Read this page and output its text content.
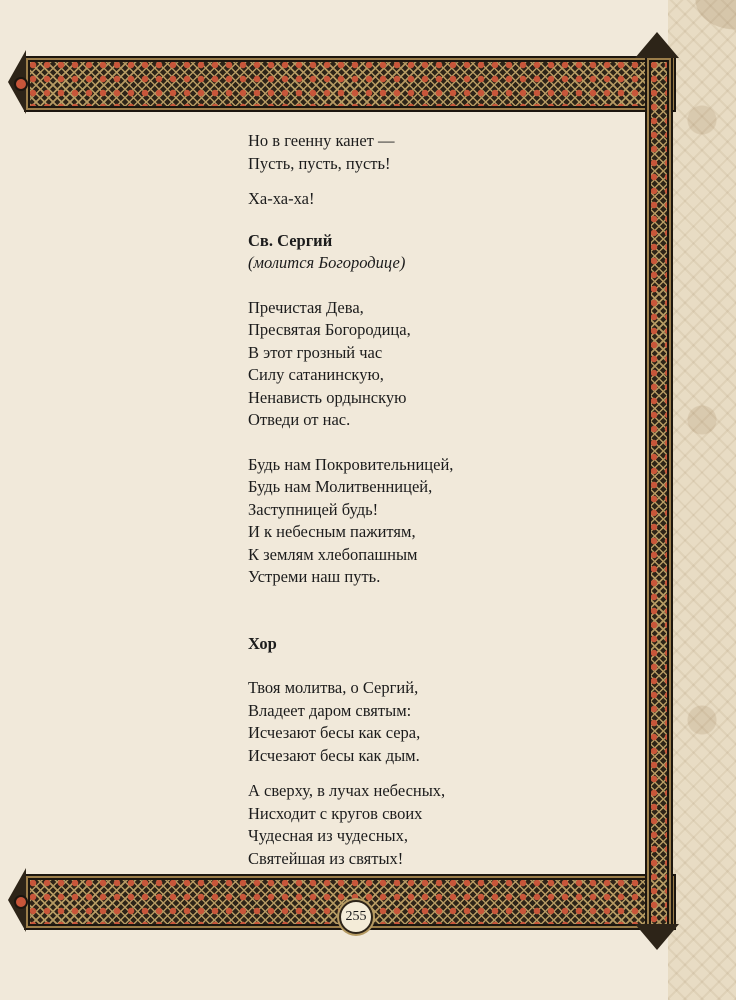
255

Но в геенну канет —

Пусть, пусть, пусть!

Ха-ха-ха!

Св. Сергий

(молится Богородице)

Пречистая Дева,

Пресвятая Богородица,

В этот грозный час

Силу сатанинскую,

Ненависть ордынскую

Отведи от нас.

Будь нам Покровительницей,

Будь нам Молитвенницей,

Заступницей будь!

И к небесным пажитям,

К землям хлебопашным

Устреми наш путь.

Хор

Твоя молитва, о Сергий,

Владеет даром святым:

Исчезают бесы как сера,

Исчезают бесы как дым.

А сверху, в лучах небесных,

Нисходит с кругов своих

Чудесная из чудесных,

Святейшая из святых!
